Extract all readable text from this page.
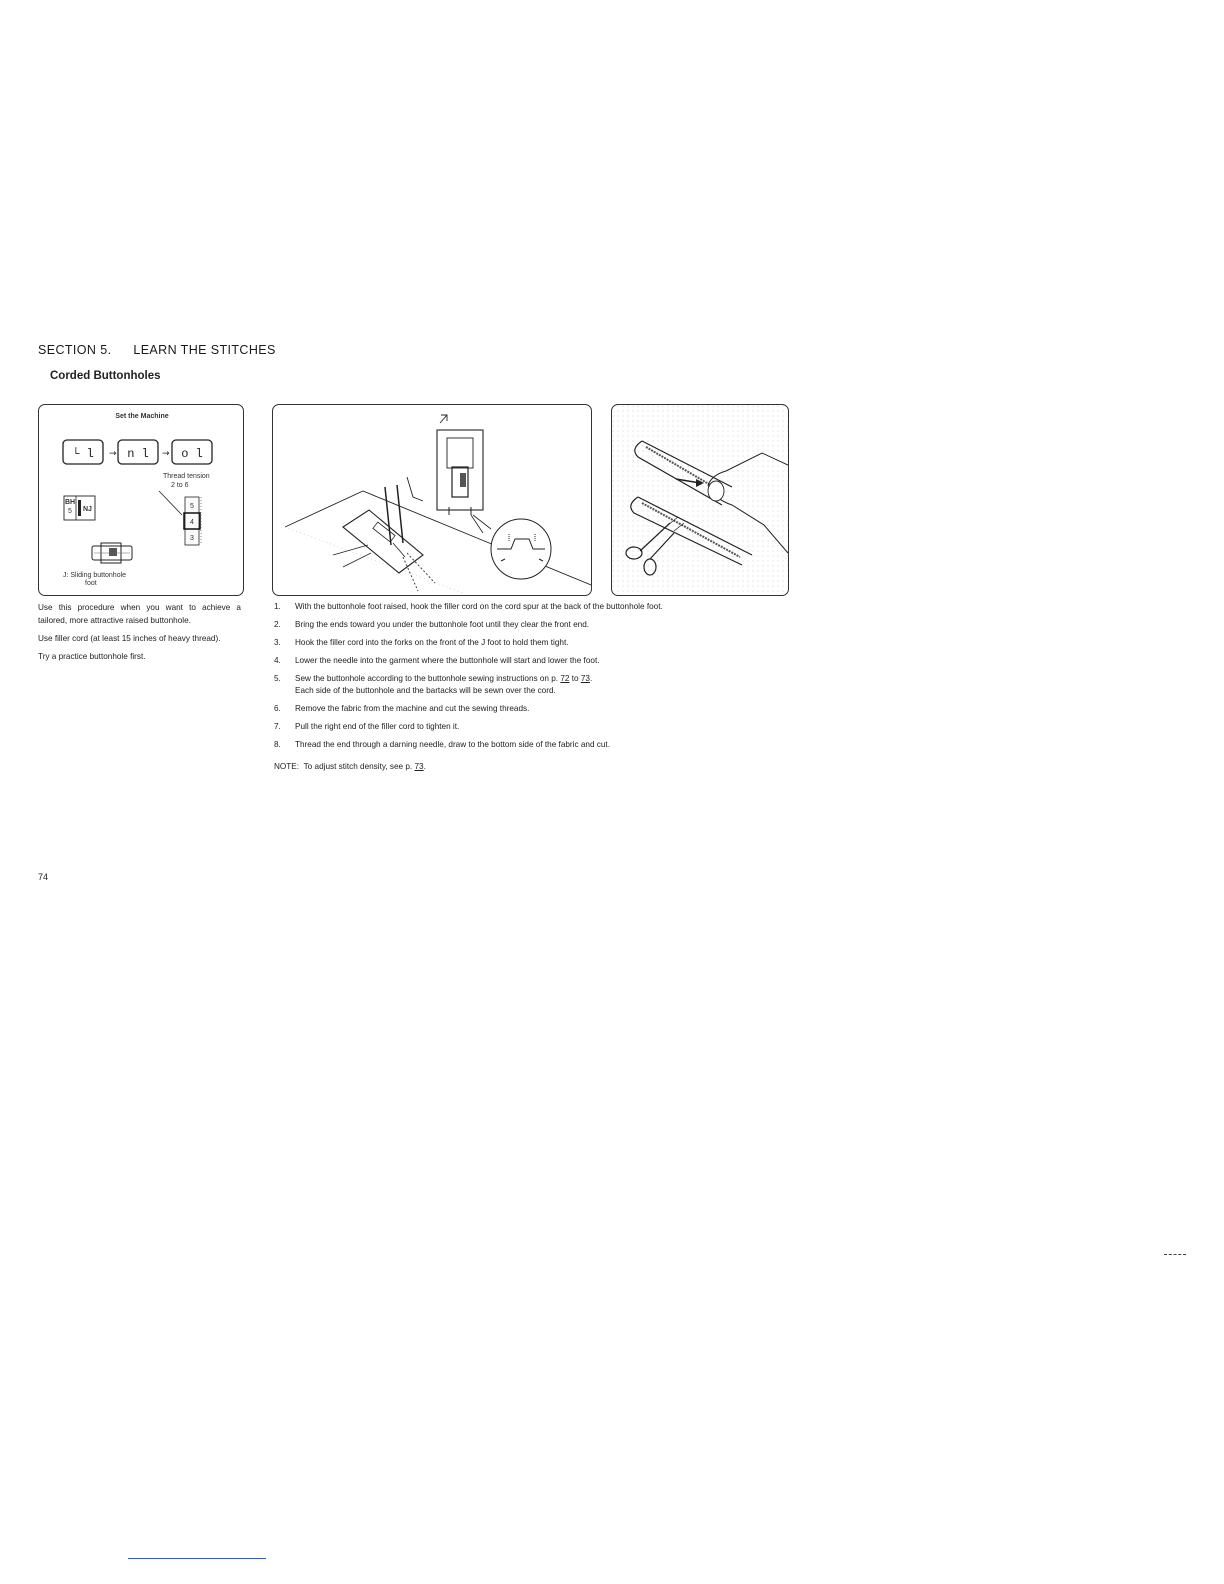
SECTION 5. LEARN THE STITCHES
Corded Buttonholes
Set the Machine
└ l → n l → o l
Thread tension
2 to 6
5
4
3
BH
5 NJ
J: Sliding buttonhole
foot

Use this procedure when you want to achieve a tailored, more attractive raised buttonhole.

Use filler cord (at least 15 inches of heavy thread).

Try a practice buttonhole first.

1.	With the buttonhole foot raised, hook the filler cord on the cord spur at the back of the buttonhole foot.
2.	Bring the ends toward you under the buttonhole foot until they clear the front end.
3.	Hook the filler cord into the forks on the front of the J foot to hold them tight.
4.	Lower the needle into the garment where the buttonhole will start and lower the foot.
5.	Sew the buttonhole according to the buttonhole sewing instructions on p. 72 to 73.
Each side of the buttonhole and the bartacks will be sewn over the cord.
6.	Remove the fabric from the machine and cut the sewing threads.
7.	Pull the right end of the filler cord to tighten it.
8.	Thread the end through a darning needle, draw to the bottom side of the fabric and cut.
NOTE: To adjust stitch density, see p. 73.
74
